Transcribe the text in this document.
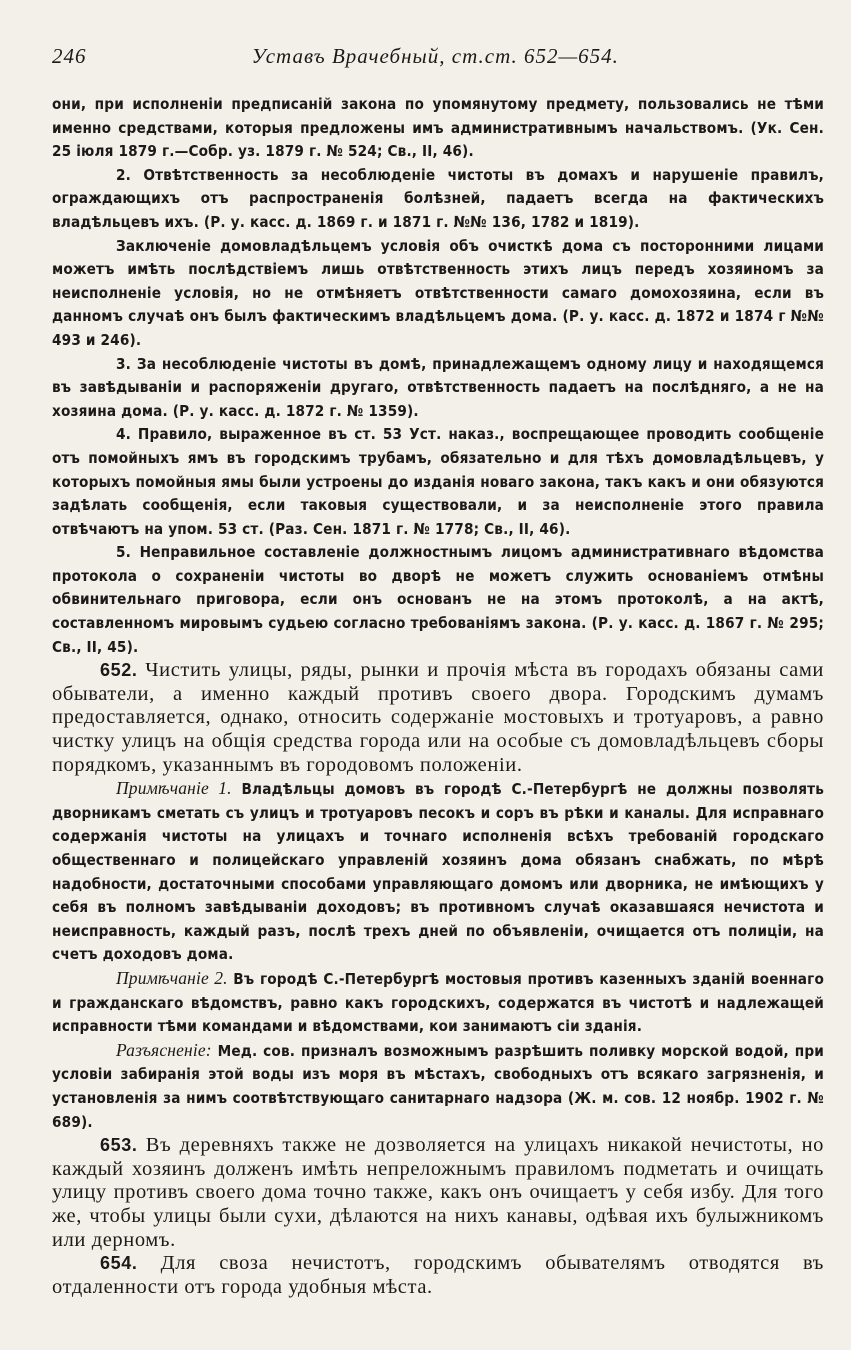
246	Уставъ Врачебный, ст.ст. 652—654.

они, при исполненіи предписаній закона по упомянутому предмету, пользовались не тѣми именно средствами, которыя предложены имъ административнымъ начальствомъ. (Ук. Сен. 25 іюля 1879 г.—Собр. уз. 1879 г. № 524; Св., II, 46).

2. Отвѣтственность за несоблюденіе чистоты въ домахъ и нарушеніе правилъ, ограждающихъ отъ распространенія болѣзней, падаетъ всегда на фактическихъ владѣльцевъ ихъ. (Р. у. касс. д. 1869 г. и 1871 г. №№ 136, 1782 и 1819).

Заключеніе домовладѣльцемъ условія объ очисткѣ дома съ посторонними лицами можетъ имѣть послѣдствіемъ лишь отвѣтственность этихъ лицъ передъ хозяиномъ за неисполненіе условія, но не отмѣняетъ отвѣтственности самаго домохозяина, если въ данномъ случаѣ онъ былъ фактическимъ владѣльцемъ дома. (Р. у. касс. д. 1872 и 1874 г №№ 493 и 246).

3. За несоблюденіе чистоты въ домѣ, принадлежащемъ одному лицу и находящемся въ завѣдываніи и распоряженіи другаго, отвѣтственность падаетъ на послѣдняго, а не на хозяина дома. (Р. у. касс. д. 1872 г. № 1359).

4. Правило, выраженное въ ст. 53 Уст. наказ., воспрещающее проводить сообщеніе отъ помойныхъ ямъ въ городскимъ трубамъ, обязательно и для тѣхъ домовладѣльцевъ, у которыхъ помойныя ямы были устроены до изданія новаго закона, такъ какъ и они обязуются задѣлать сообщенія, если таковыя существовали, и за неисполненіе этого правила отвѣчаютъ на упом. 53 ст. (Раз. Сен. 1871 г. № 1778; Св., II, 46).

5. Неправильное составленіе должностнымъ лицомъ административнаго вѣдомства протокола о сохраненіи чистоты во дворѣ не можетъ служить основаніемъ отмѣны обвинительнаго приговора, если онъ основанъ не на этомъ протоколѣ, а на актѣ, составленномъ мировымъ судьею согласно требованіямъ закона. (Р. у. касс. д. 1867 г. № 295; Св., II, 45).

652. Чистить улицы, ряды, рынки и прочія мѣста въ городахъ обязаны сами обыватели, а именно каждый противъ своего двора. Городскимъ думамъ предоставляется, однако, относить содержаніе мостовыхъ и тротуаровъ, а равно чистку улицъ на общія средства города или на особые съ домовладѣльцевъ сборы порядкомъ, указаннымъ въ городовомъ положеніи.

Примѣчаніе 1. Владѣльцы домовъ въ городѣ С.-Петербургѣ не должны позволять дворникамъ сметать съ улицъ и тротуаровъ песокъ и соръ въ рѣки и каналы. Для исправнаго содержанія чистоты на улицахъ и точнаго исполненія всѣхъ требованій городскаго общественнаго и полицейскаго управленій хозяинъ дома обязанъ снабжать, по мѣрѣ надобности, достаточными способами управляющаго домомъ или дворника, не имѣющихъ у себя въ полномъ завѣдываніи доходовъ; въ противномъ случаѣ оказавшаяся нечистота и неисправность, каждый разъ, послѣ трехъ дней по объявленіи, очищается отъ полиціи, на счетъ доходовъ дома.

Примѣчаніе 2. Въ городѣ С.-Петербургѣ мостовыя противъ казенныхъ зданій военнаго и гражданскаго вѣдомствъ, равно какъ городскихъ, содержатся въ чистотѣ и надлежащей исправности тѣми командами и вѣдомствами, кои занимаютъ сіи зданія.

Разъясненіе: Мед. сов. призналъ возможнымъ разрѣшить поливку морской водой, при условіи забиранія этой воды изъ моря въ мѣстахъ, свободныхъ отъ всякаго загрязненія, и установленія за нимъ соотвѣтствующаго санитарнаго надзора (Ж. м. сов. 12 ноябр. 1902 г. № 689).

653. Въ деревняхъ также не дозволяется на улицахъ никакой нечистоты, но каждый хозяинъ долженъ имѣть непреложнымъ правиломъ подметать и очищать улицу противъ своего дома точно также, какъ онъ очищаетъ у себя избу. Для того же, чтобы улицы были сухи, дѣлаются на нихъ канавы, одѣвая ихъ булыжникомъ или дерномъ.

654. Для своза нечистотъ, городскимъ обывателямъ отводятся въ отдаленности отъ города удобныя мѣста.
